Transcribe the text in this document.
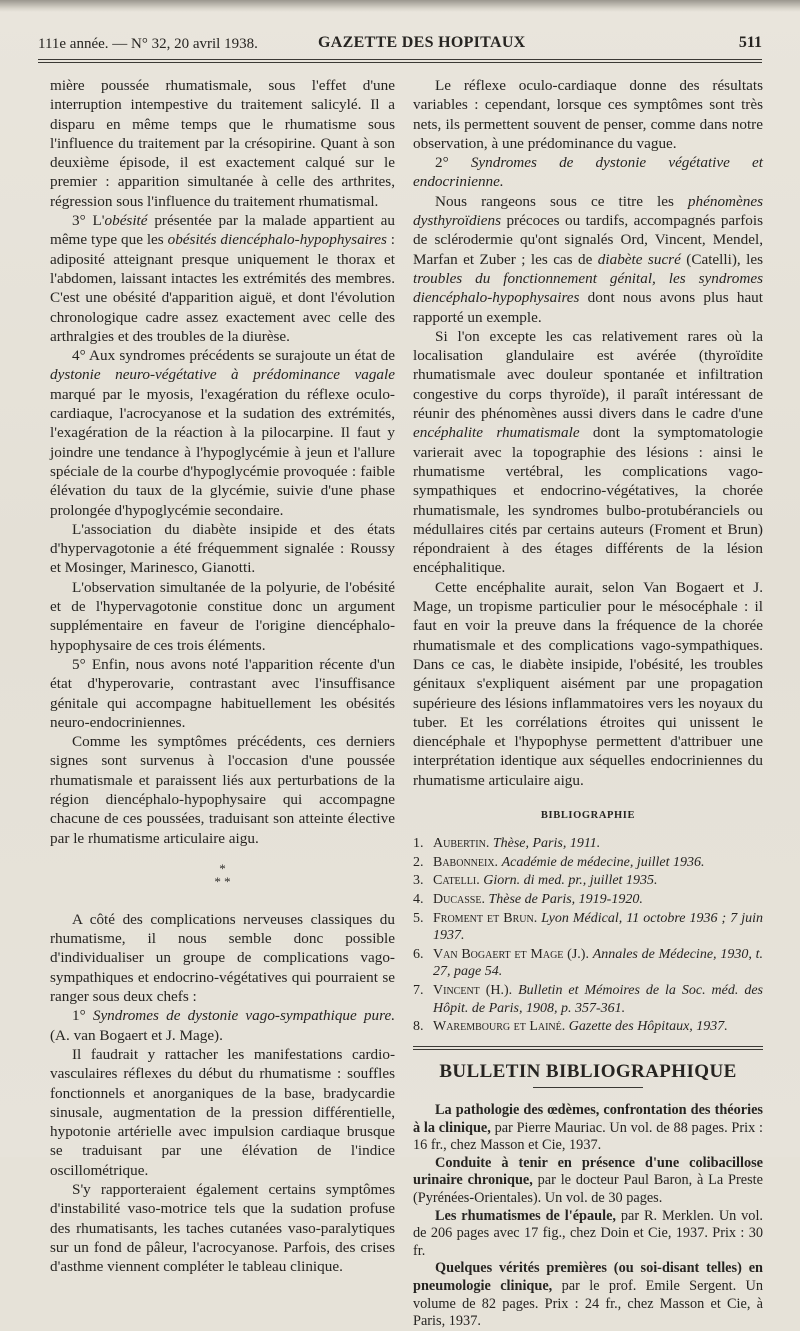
111e année. — N° 32, 20 avril 1938.	GAZETTE DES HOPITAUX	511

mière poussée rhumatismale, sous l'effet d'une interruption intempestive du traitement salicylé. Il a disparu en même temps que le rhumatisme sous l'influence du traitement par la crésopirine. Quant à son deuxième épisode, il est exactement calqué sur le premier : apparition simultanée à celle des arthrites, régression sous l'influence du traitement rhumatismal.

3° L'obésité présentée par la malade appartient au même type que les obésités diencéphalo-hypophysaires : adiposité atteignant presque uniquement le thorax et l'abdomen, laissant intactes les extrémités des membres. C'est une obésité d'apparition aiguë, et dont l'évolution chronologique cadre assez exactement avec celle des arthralgies et des troubles de la diurèse.

4° Aux syndromes précédents se surajoute un état de dystonie neuro-végétative à prédominance vagale marqué par le myosis, l'exagération du réflexe oculo-cardiaque, l'acrocyanose et la sudation des extrémités, l'exagération de la réaction à la pilocarpine. Il faut y joindre une tendance à l'hypoglycémie à jeun et l'allure spéciale de la courbe d'hypoglycémie provoquée : faible élévation du taux de la glycémie, suivie d'une phase prolongée d'hypoglycémie secondaire.

L'association du diabète insipide et des états d'hypervagotonie a été fréquemment signalée : Roussy et Mosinger, Marinesco, Gianotti.

L'observation simultanée de la polyurie, de l'obésité et de l'hypervagotonie constitue donc un argument supplémentaire en faveur de l'origine diencéphalo-hypophysaire de ces trois éléments.

5° Enfin, nous avons noté l'apparition récente d'un état d'hyperovarie, contrastant avec l'insuffisance génitale qui accompagne habituellement les obésités neuro-endocriniennes.

Comme les symptômes précédents, ces derniers signes sont survenus à l'occasion d'une poussée rhumatismale et paraissent liés aux perturbations de la région diencéphalo-hypophysaire qui accompagne chacune de ces poussées, traduisant son atteinte élective par le rhumatisme articulaire aigu.

*
* *

A côté des complications nerveuses classiques du rhumatisme, il nous semble donc possible d'individualiser un groupe de complications vago-sympathiques et endocrino-végétatives qui pourraient se ranger sous deux chefs :

1° Syndromes de dystonie vago-sympathique pure. (A. van Bogaert et J. Mage).

Il faudrait y rattacher les manifestations cardio-vasculaires réflexes du début du rhumatisme : souffles fonctionnels et anorganiques de la base, bradycardie sinusale, augmentation de la pression différentielle, hypotonie artérielle avec impulsion cardiaque brusque se traduisant par une élévation de l'indice oscillométrique.

S'y rapporteraient également certains symptômes d'instabilité vaso-motrice tels que la sudation profuse des rhumatisants, les taches cutanées vaso-paralytiques sur un fond de pâleur, l'acrocyanose. Parfois, des crises d'asthme viennent compléter le tableau clinique.

Le réflexe oculo-cardiaque donne des résultats variables : cependant, lorsque ces symptômes sont très nets, ils permettent souvent de penser, comme dans notre observation, à une prédominance du vague.

2° Syndromes de dystonie végétative et endocrinienne.

Nous rangeons sous ce titre les phénomènes dysthyroïdiens précoces ou tardifs, accompagnés parfois de sclérodermie qu'ont signalés Ord, Vincent, Mendel, Marfan et Zuber ; les cas de diabète sucré (Catelli), les troubles du fonctionnement génital, les syndromes diencéphalo-hypophysaires dont nous avons plus haut rapporté un exemple.

Si l'on excepte les cas relativement rares où la localisation glandulaire est avérée (thyroïdite rhumatismale avec douleur spontanée et infiltration congestive du corps thyroïde), il paraît intéressant de réunir des phénomènes aussi divers dans le cadre d'une encéphalite rhumatismale dont la symptomatologie varierait avec la topographie des lésions : ainsi le rhumatisme vertébral, les complications vago-sympathiques et endocrino-végétatives, la chorée rhumatismale, les syndromes bulbo-protubéranciels ou médullaires cités par certains auteurs (Froment et Brun) répondraient à des étages différents de la lésion encéphalitique.

Cette encéphalite aurait, selon Van Bogaert et J. Mage, un tropisme particulier pour le mésocéphale : il faut en voir la preuve dans la fréquence de la chorée rhumatismale et des complications vago-sympathiques. Dans ce cas, le diabète insipide, l'obésité, les troubles génitaux s'expliquent aisément par une propagation supérieure des lésions inflammatoires vers les noyaux du tuber. Et les corrélations étroites qui unissent le diencéphale et l'hypophyse permettent d'attribuer une interprétation identique aux séquelles endocriniennes du rhumatisme articulaire aigu.

BIBLIOGRAPHIE
1. Aubertin. Thèse, Paris, 1911.
2. Babonneix. Académie de médecine, juillet 1936.
3. Catelli. Giorn. di med. pr., juillet 1935.
4. Ducasse. Thèse de Paris, 1919-1920.
5. Froment et Brun. Lyon Médical, 11 octobre 1936 ; 7 juin 1937.
6. Van Bogaert et Mage (J.). Annales de Médecine, 1930, t. 27, page 54.
7. Vincent (H.). Bulletin et Mémoires de la Soc. méd. des Hôpit. de Paris, 1908, p. 357-361.
8. Warembourg et Lainé. Gazette des Hôpitaux, 1937.
BULLETIN BIBLIOGRAPHIQUE

La pathologie des œdèmes, confrontation des théories à la clinique, par Pierre Mauriac. Un vol. de 88 pages. Prix : 16 fr., chez Masson et Cie, 1937.

Conduite à tenir en présence d'une colibacillose urinaire chronique, par le docteur Paul Baron, à La Preste (Pyrénées-Orientales). Un vol. de 30 pages.

Les rhumatismes de l'épaule, par R. Merklen. Un vol. de 206 pages avec 17 fig., chez Doin et Cie, 1937. Prix : 30 fr.

Quelques vérités premières (ou soi-disant telles) en pneumologie clinique, par le prof. Emile Sergent. Un volume de 82 pages. Prix : 24 fr., chez Masson et Cie, à Paris, 1937.
